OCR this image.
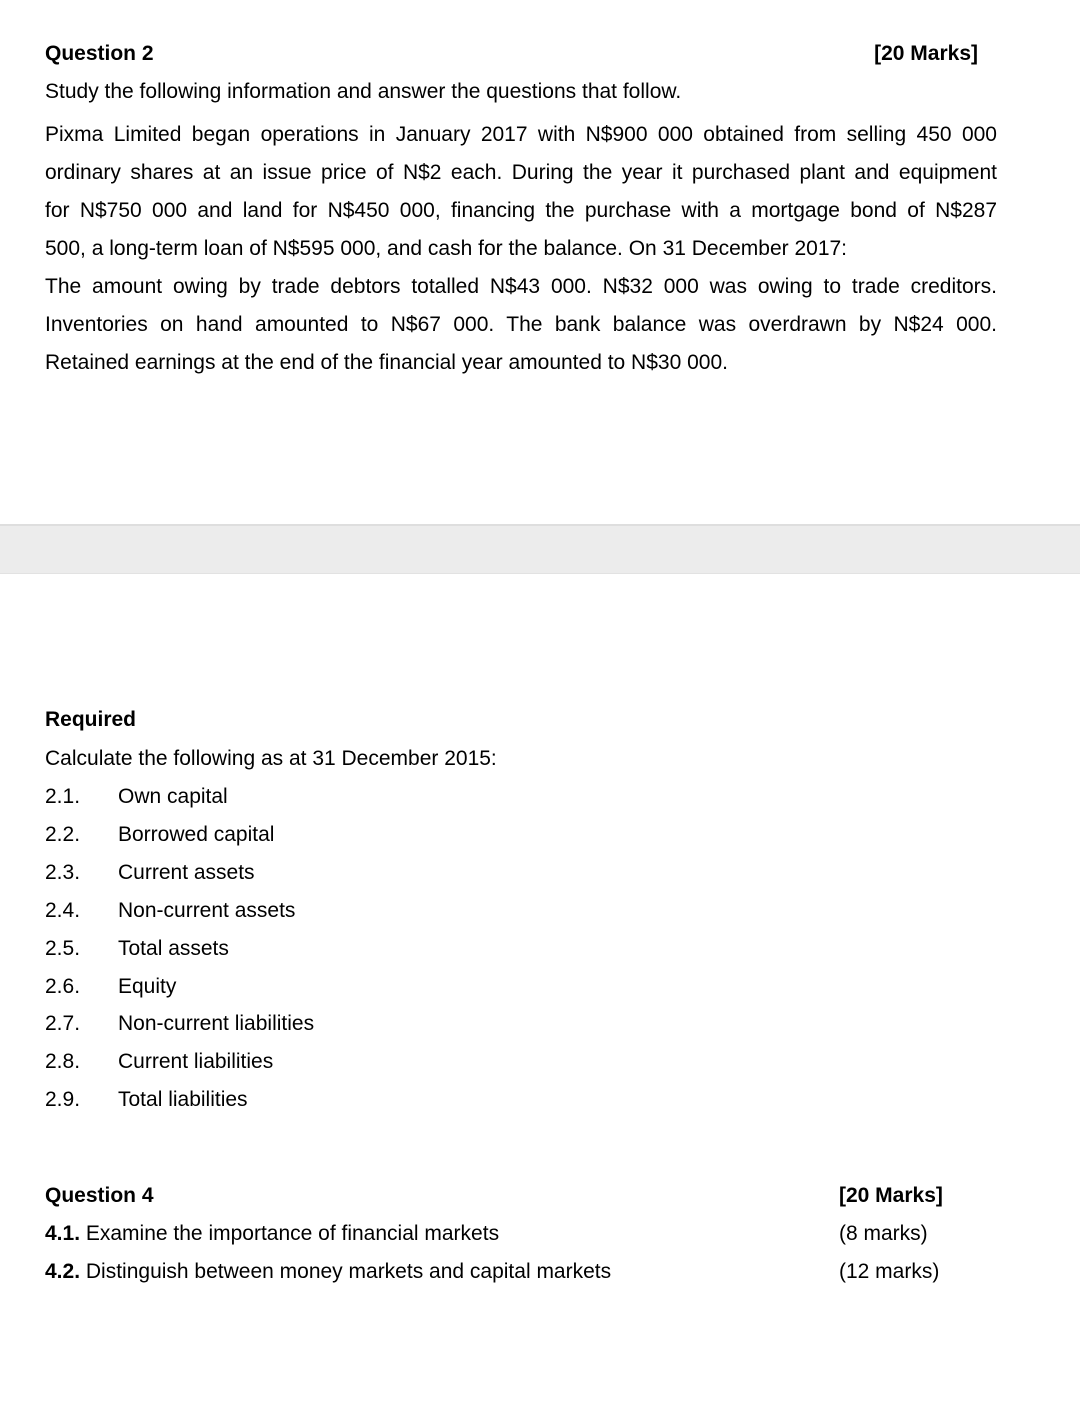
Question 2	[20 Marks]
Study the following information and answer the questions that follow.
Pixma Limited began operations in January 2017 with N$900 000 obtained from selling 450 000
ordinary shares at an issue price of N$2 each. During the year it purchased plant and equipment
for N$750 000 and land for N$450 000, financing the purchase with a mortgage bond of N$287
500, a long-term loan of N$595 000, and cash for the balance. On 31 December 2017:
The amount owing by trade debtors totalled N$43 000. N$32 000 was owing to trade creditors.
Inventories on hand amounted to N$67 000. The bank balance was overdrawn by N$24 000.
Retained earnings at the end of the financial year amounted to N$30 000.
Required
Calculate the following as at 31 December 2015:
2.1. Own capital
2.2. Borrowed capital
2.3. Current assets
2.4. Non-current assets
2.5. Total assets
2.6. Equity
2.7. Non-current liabilities
2.8. Current liabilities
2.9. Total liabilities
Question 4	[20 Marks]
4.1. Examine the importance of financial markets	(8 marks)
4.2. Distinguish between money markets and capital markets	(12 marks)
